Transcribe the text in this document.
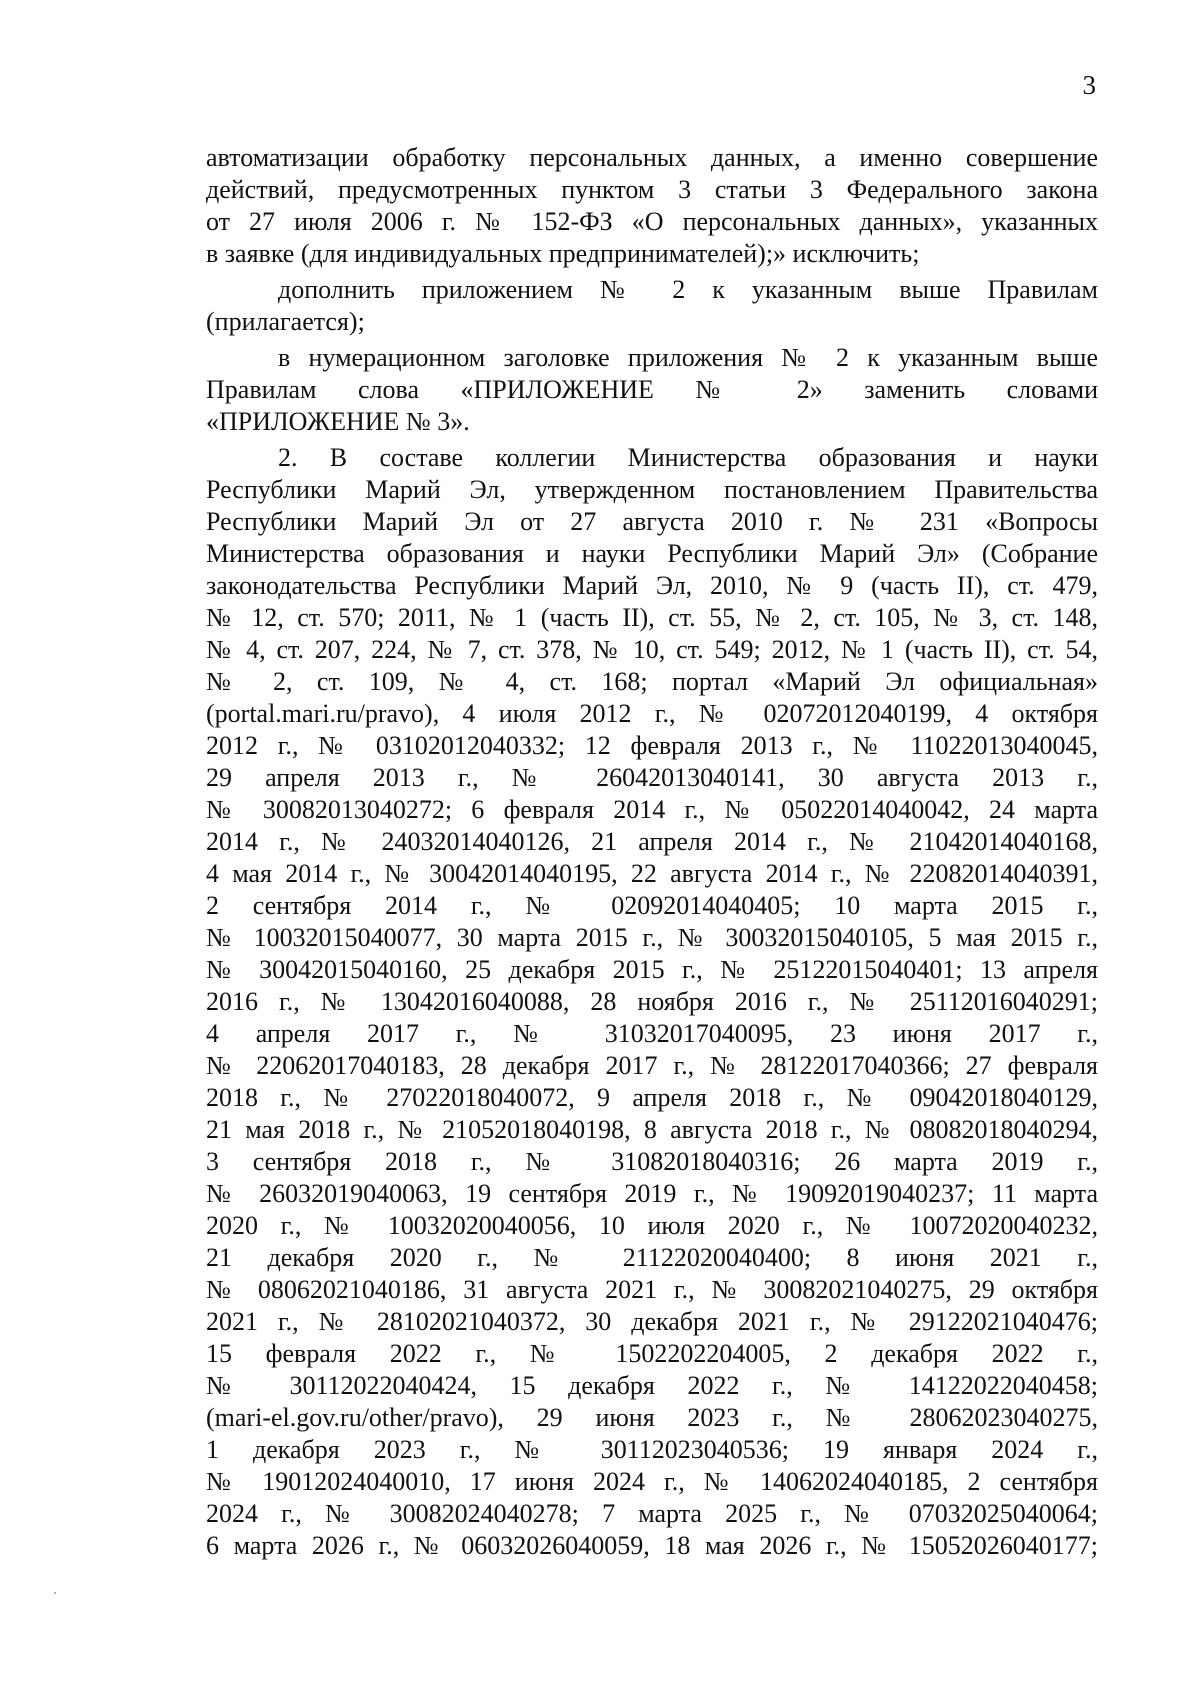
3
автоматизации обработку персональных данных, а именно совершение
действий, предусмотренных пунктом 3 статьи 3 Федерального закона
от 27 июля 2006 г. № 152-ФЗ «О персональных данных», указанных
в заявке (для индивидуальных предпринимателей);» исключить;
дополнить приложением № 2 к указанным выше Правилам
(прилагается);
в нумерационном заголовке приложения № 2 к указанным выше
Правилам слова «ПРИЛОЖЕНИЕ № 2» заменить словами
«ПРИЛОЖЕНИЕ № 3».
2. В составе коллегии Министерства образования и науки
Республики Марий Эл, утвержденном постановлением Правительства
Республики Марий Эл от 27 августа 2010 г. № 231 «Вопросы
Министерства образования и науки Республики Марий Эл» (Собрание
законодательства Республики Марий Эл, 2010, № 9 (часть II), ст. 479,
№ 12, ст. 570; 2011, № 1 (часть II), ст. 55, № 2, ст. 105, № 3, ст. 148,
№ 4, ст. 207, 224, № 7, ст. 378, № 10, ст. 549; 2012, № 1 (часть II), ст. 54,
№ 2, ст. 109, № 4, ст. 168; портал «Марий Эл официальная»
(portal.mari.ru/pravo), 4 июля 2012 г., № 02072012040199, 4 октября
2012 г., № 03102012040332; 12 февраля 2013 г., № 11022013040045,
29 апреля 2013 г., № 26042013040141, 30 августа 2013 г.,
№ 30082013040272; 6 февраля 2014 г., № 05022014040042, 24 марта
2014 г., № 24032014040126, 21 апреля 2014 г., № 21042014040168,
4 мая 2014 г., № 30042014040195, 22 августа 2014 г., № 22082014040391,
2 сентября 2014 г., № 02092014040405; 10 марта 2015 г.,
№ 10032015040077, 30 марта 2015 г., № 30032015040105, 5 мая 2015 г.,
№ 30042015040160, 25 декабря 2015 г., № 25122015040401; 13 апреля
2016 г., № 13042016040088, 28 ноября 2016 г., № 25112016040291;
4 апреля 2017 г., № 31032017040095, 23 июня 2017 г.,
№ 22062017040183, 28 декабря 2017 г., № 28122017040366; 27 февраля
2018 г., № 27022018040072, 9 апреля 2018 г., № 09042018040129,
21 мая 2018 г., № 21052018040198, 8 августа 2018 г., № 08082018040294,
3 сентября 2018 г., № 31082018040316; 26 марта 2019 г.,
№ 26032019040063, 19 сентября 2019 г., № 19092019040237; 11 марта
2020 г., № 10032020040056, 10 июля 2020 г., № 10072020040232,
21 декабря 2020 г., № 21122020040400; 8 июня 2021 г.,
№ 08062021040186, 31 августа 2021 г., № 30082021040275, 29 октября
2021 г., № 28102021040372, 30 декабря 2021 г., № 29122021040476;
15 февраля 2022 г., № 1502202204005, 2 декабря 2022 г.,
№ 30112022040424, 15 декабря 2022 г., № 14122022040458;
(mari-el.gov.ru/other/pravo), 29 июня 2023 г., № 28062023040275,
1 декабря 2023 г., № 30112023040536; 19 января 2024 г.,
№ 19012024040010, 17 июня 2024 г., № 14062024040185, 2 сентября
2024 г., № 30082024040278; 7 марта 2025 г., № 07032025040064;
6 марта 2026 г., № 06032026040059, 18 мая 2026 г., № 15052026040177;
